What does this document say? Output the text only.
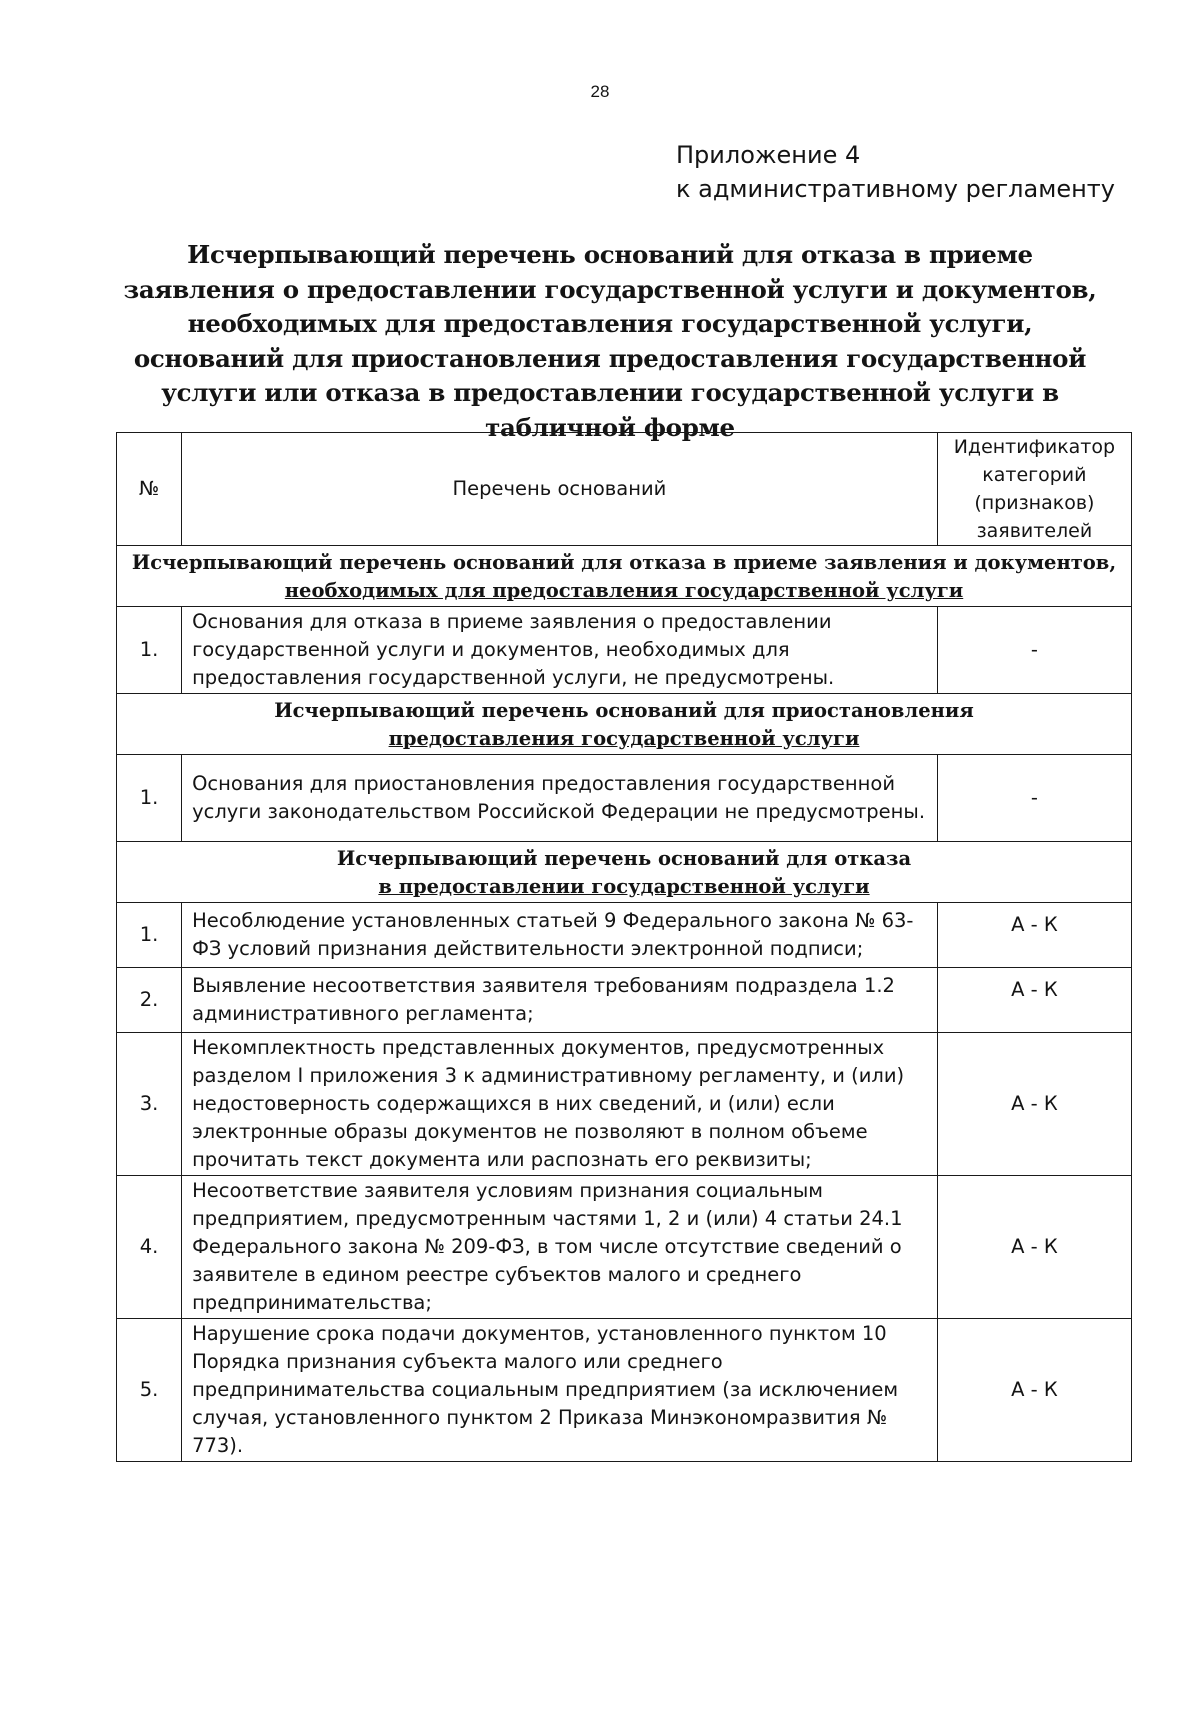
28
Приложение 4
к административному регламенту
Исчерпывающий перечень оснований для отказа в приеме заявления о предоставлении государственной услуги и документов, необходимых для предоставления государственной услуги, оснований для приостановления предоставления государственной услуги или отказа в предоставлении государственной услуги в табличной форме
№	Перечень оснований	Идентификатор категорий (признаков) заявителей

Исчерпывающий перечень оснований для отказа в приеме заявления и документов,
необходимых для предоставления государственной услуги		

1.	Основания для отказа в приеме заявления о предоставлении государственной услуги и документов, необходимых для предоставления государственной услуги, не предусмотрены.	-

Исчерпывающий перечень оснований для приостановления
предоставления государственной услуги		

1.	Основания для приостановления предоставления государственной услуги законодательством Российской Федерации не предусмотрены.	-

Исчерпывающий перечень оснований для отказа
в предоставлении государственной услуги		

1.	Несоблюдение установленных статьей 9 Федерального закона № 63-ФЗ условий признания действительности электронной подписи;	А - К
2.	Выявление несоответствия заявителя требованиям подраздела 1.2 административного регламента;	А - К
3.	Некомплектность представленных документов, предусмотренных разделом I приложения 3 к административному регламенту, и (или) недостоверность содержащихся в них сведений, и (или) если электронные образы документов не позволяют в полном объеме прочитать текст документа или распознать его реквизиты;	А - К
4.	Несоответствие заявителя условиям признания социальным предприятием, предусмотренным частями 1, 2 и (или) 4 статьи 24.1 Федерального закона № 209-ФЗ, в том числе отсутствие сведений о заявителе в едином реестре субъектов малого и среднего предпринимательства;	А - К
5.	Нарушение срока подачи документов, установленного пунктом 10 Порядка признания субъекта малого или среднего предпринимательства социальным предприятием (за исключением случая, установленного пунктом 2 Приказа Минэкономразвития № 773).	А - К
